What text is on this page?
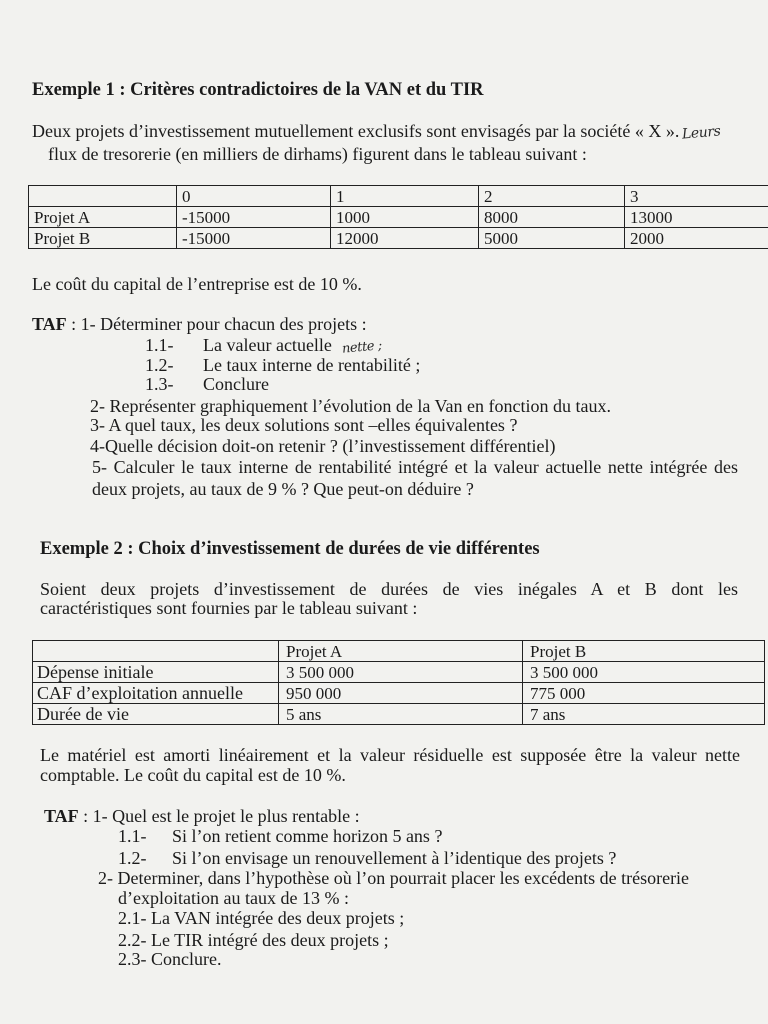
Exemple 1 : Critères contradictoires de la VAN et du TIR
Deux projets d’investissement mutuellement exclusifs sont envisagés par la société « X ». Leurs
flux de tresorerie (en milliers de dirhams) figurent dans le tableau suivant :
	0	1	2	3
Projet A	-15000	1000	8000	13000
Projet B	-15000	12000	5000	2000
Le coût du capital de l’entreprise est de 10 %.
TAF : 1- Déterminer pour chacun des projets :
1.1- La valeur actuelle nette ;
1.2- Le taux interne de rentabilité ;
1.3- Conclure
2- Représenter graphiquement l’évolution de la Van en fonction du taux.
3- A quel taux, les deux solutions sont –elles équivalentes ?
4-Quelle décision doit-on retenir ? (l’investissement différentiel)
5- Calculer le taux interne de rentabilité intégré et la valeur actuelle nette intégrée des
deux projets, au taux de 9 % ? Que peut-on déduire ?
Exemple 2 : Choix d’investissement de durées de vie différentes
Soient deux projets d’investissement de durées de vies inégales A et B dont les
caractéristiques sont fournies par le tableau suivant :
	Projet A	Projet B
Dépense initiale	3 500 000	3 500 000
CAF d’exploitation annuelle	950 000	775 000
Durée de vie	5 ans	7 ans
Le matériel est amorti linéairement et la valeur résiduelle est supposée être la valeur nette
comptable. Le coût du capital est de 10 %.
TAF : 1- Quel est le projet le plus rentable :
1.1- Si l’on retient comme horizon 5 ans ?
1.2- Si l’on envisage un renouvellement à l’identique des projets ?
2- Determiner, dans l’hypothèse où l’on pourrait placer les excédents de trésorerie
d’exploitation au taux de 13 % :
2.1- La VAN intégrée des deux projets ;
2.2- Le TIR intégré des deux projets ;
2.3- Conclure.
